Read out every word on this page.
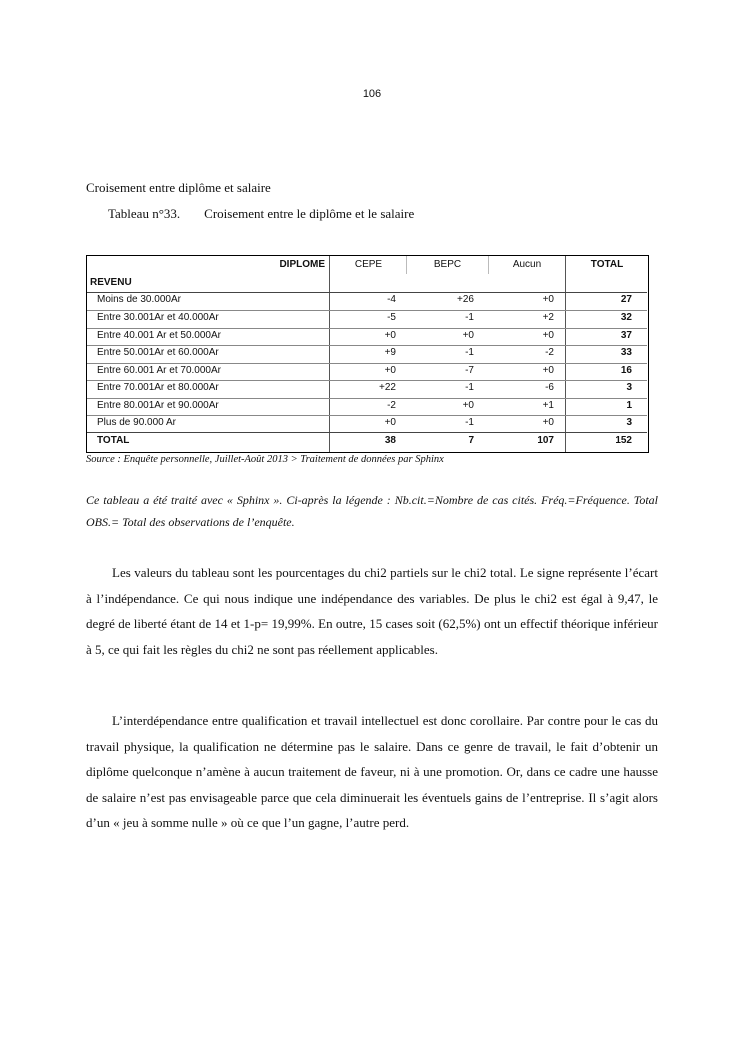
106
Croisement entre diplôme et salaire
Tableau n°33. Croisement entre le diplôme et le salaire
DIPLOME	CEPE	BEPC	Aucun	TOTAL
REVENU
Moins de 30.000Ar	-4	+26	+0	27
Entre 30.001Ar et 40.000Ar	-5	-1	+2	32
Entre 40.001 Ar et 50.000Ar	+0	+0	+0	37
Entre 50.001Ar et 60.000Ar	+9	-1	-2	33
Entre 60.001 Ar et 70.000Ar	+0	-7	+0	16
Entre 70.001Ar et 80.000Ar	+22	-1	-6	3
Entre 80.001Ar et 90.000Ar	-2	+0	+1	1
Plus de 90.000 Ar	+0	-1	+0	3
TOTAL	38	7	107	152
Source : Enquête personnelle, Juillet-Août 2013 > Traitement de données par Sphinx
Ce tableau a été traité avec « Sphinx ». Ci-après la légende : Nb.cit.=Nombre de cas cités. Fréq.=Fréquence. Total OBS.= Total des observations de l’enquête.
Les valeurs du tableau sont les pourcentages du chi2 partiels sur le chi2 total. Le signe représente l’écart à l’indépendance. Ce qui nous indique une indépendance des variables. De plus le chi2 est égal à 9,47, le degré de liberté étant de 14 et 1-p= 19,99%. En outre, 15 cases soit (62,5%) ont un effectif théorique inférieur à 5, ce qui fait les règles du chi2 ne sont pas réellement applicables.
L’interdépendance entre qualification et travail intellectuel est donc corollaire. Par contre pour le cas du travail physique, la qualification ne détermine pas le salaire. Dans ce genre de travail, le fait d’obtenir un diplôme quelconque n’amène à aucun traitement de faveur, ni à une promotion. Or, dans ce cadre une hausse de salaire n’est pas envisageable parce que cela diminuerait les éventuels gains de l’entreprise. Il s’agit alors d’un « jeu à somme nulle » où ce que l’un gagne, l’autre perd.
